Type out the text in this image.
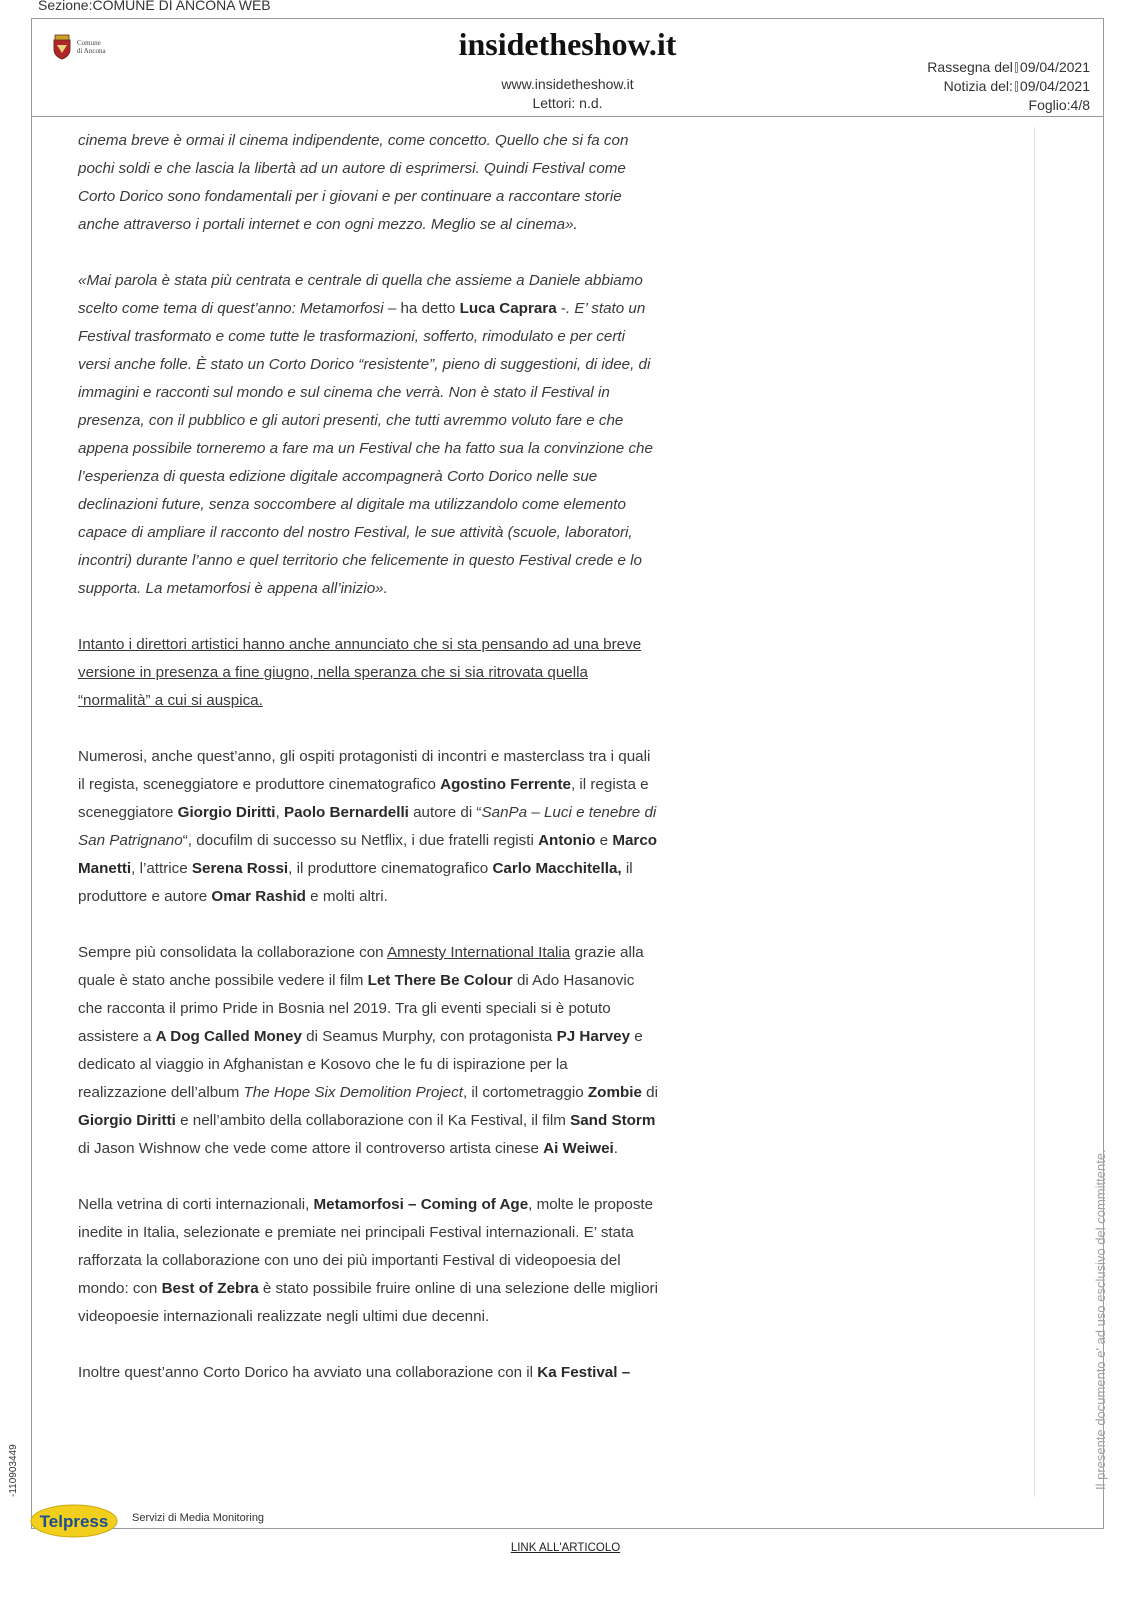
Sezione:COMUNE DI ANCONA WEB
Comune
di Ancona	insidetheshow.it
www.insidetheshow.it
Lettori: n.d.
Rassegna del 09/04/2021
Notizia del: 09/04/2021
Foglio:4/8

cinema breve è ormai il cinema indipendente, come concetto. Quello che si fa con pochi soldi e che lascia la libertà ad un autore di esprimersi. Quindi Festival come Corto Dorico sono fondamentali per i giovani e per continuare a raccontare storie anche attraverso i portali internet e con ogni mezzo. Meglio se al cinema».

«Mai parola è stata più centrata e centrale di quella che assieme a Daniele abbiamo scelto come tema di quest’anno: Metamorfosi – ha detto Luca Caprara -. E’ stato un Festival trasformato e come tutte le trasformazioni, sofferto, rimodulato e per certi versi anche folle. È stato un Corto Dorico “resistente”, pieno di suggestioni, di idee, di immagini e racconti sul mondo e sul cinema che verrà. Non è stato il Festival in presenza, con il pubblico e gli autori presenti, che tutti avremmo voluto fare e che appena possibile torneremo a fare ma un Festival che ha fatto sua la convinzione che l’esperienza di questa edizione digitale accompagnerà Corto Dorico nelle sue declinazioni future, senza soccombere al digitale ma utilizzandolo come elemento capace di ampliare il racconto del nostro Festival, le sue attività (scuole, laboratori, incontri) durante l’anno e quel territorio che felicemente in questo Festival crede e lo supporta. La metamorfosi è appena all’inizio».

Intanto i direttori artistici hanno anche annunciato che si sta pensando ad una breve versione in presenza a fine giugno, nella speranza che si sia ritrovata quella “normalità” a cui si auspica.

Numerosi, anche quest’anno, gli ospiti protagonisti di incontri e masterclass tra i quali il regista, sceneggiatore e produttore cinematografico Agostino Ferrente, il regista e sceneggiatore Giorgio Diritti, Paolo Bernardelli autore di “SanPa – Luci e tenebre di San Patrignano“, docufilm di successo su Netflix, i due fratelli registi Antonio e Marco Manetti, l’attrice Serena Rossi, il produttore cinematografico Carlo Macchitella, il produttore e autore Omar Rashid e molti altri.

Sempre più consolidata la collaborazione con Amnesty International Italia grazie alla quale è stato anche possibile vedere il film Let There Be Colour di Ado Hasanovic che racconta il primo Pride in Bosnia nel 2019. Tra gli eventi speciali si è potuto assistere a A Dog Called Money di Seamus Murphy, con protagonista PJ Harvey e dedicato al viaggio in Afghanistan e Kosovo che le fu di ispirazione per la realizzazione dell’album The Hope Six Demolition Project, il cortometraggio Zombie di Giorgio Diritti e nell’ambito della collaborazione con il Ka Festival, il film Sand Storm di Jason Wishnow che vede come attore il controverso artista cinese Ai Weiwei.

Nella vetrina di corti internazionali, Metamorfosi – Coming of Age, molte le proposte inedite in Italia, selezionate e premiate nei principali Festival internazionali. E’ stata rafforzata la collaborazione con uno dei più importanti Festival di videopoesia del mondo: con Best of Zebra è stato possibile fruire online di una selezione delle migliori videopoesie internazionali realizzate negli ultimi due decenni.

Inoltre quest’anno Corto Dorico ha avviato una collaborazione con il Ka Festival –	Il presente documento e' ad uso esclusivo del committente.
-110903449
Telpress Servizi di Media Monitoring
LINK ALL'ARTICOLO
